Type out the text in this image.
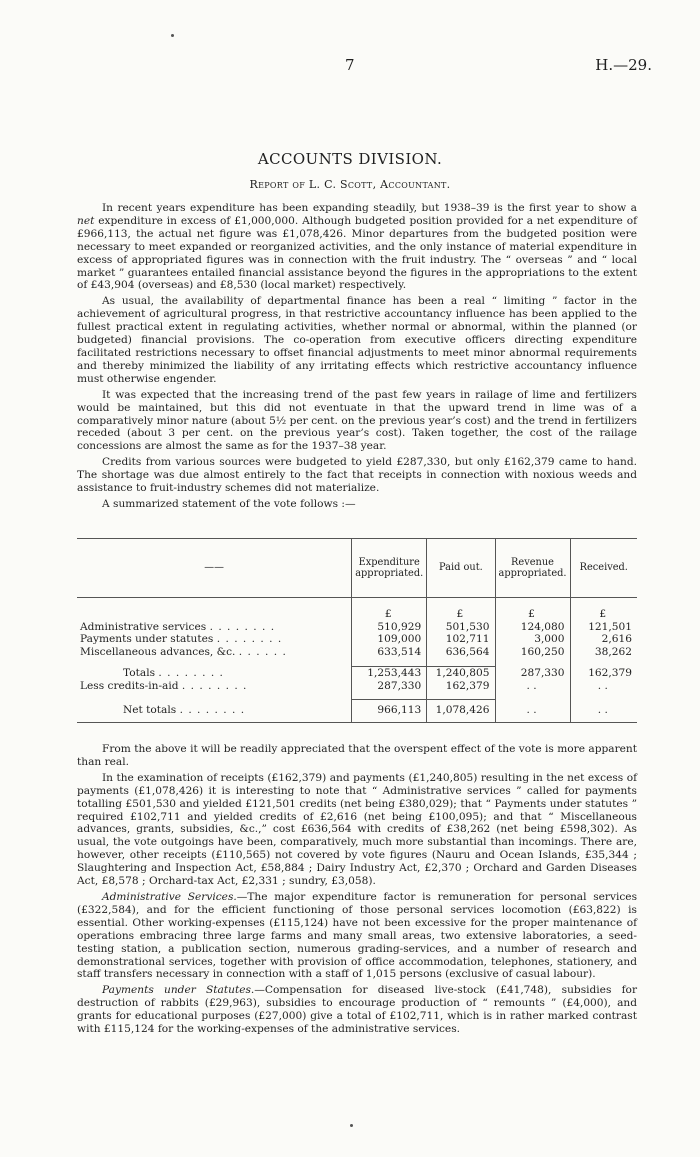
7	H.—29.
ACCOUNTS DIVISION.
Report of L. C. Scott, Accountant.

In recent years expenditure has been expanding steadily, but 1938–39 is the first year to show a net expenditure in excess of £1,000,000. Although budgeted position provided for a net expenditure of £966,113, the actual net figure was £1,078,426. Minor departures from the budgeted position were necessary to meet expanded or reorganized activities, and the only instance of material expenditure in excess of appropriated figures was in connection with the fruit industry. The “ overseas ” and “ local market ” guarantees entailed financial assistance beyond the figures in the appropriations to the extent of £43,904 (overseas) and £8,530 (local market) respectively.

As usual, the availability of departmental finance has been a real “ limiting ” factor in the achievement of agricultural progress, in that restrictive accountancy influence has been applied to the fullest practical extent in regulating activities, whether normal or abnormal, within the planned (or budgeted) financial provisions. The co-operation from executive officers directing expenditure facilitated restrictions necessary to offset financial adjustments to meet minor abnormal requirements and thereby minimized the liability of any irritating effects which restrictive accountancy influence must otherwise engender.

It was expected that the increasing trend of the past few years in railage of lime and fertilizers would be maintained, but this did not eventuate in that the upward trend in lime was of a comparatively minor nature (about 5½ per cent. on the previous year’s cost) and the trend in fertilizers receded (about 3 per cent. on the previous year’s cost). Taken together, the cost of the railage concessions are almost the same as for the 1937–38 year.

Credits from various sources were budgeted to yield £287,330, but only £162,379 came to hand. The shortage was due almost entirely to the fact that receipts in connection with noxious weeds and assistance to fruit-industry schemes did not materialize.

A summarized statement of the vote follows :—

——	Expenditure appropriated.	Paid out.	Revenue appropriated.	Received.
	£	£	£	£
Administrative services . . . . . . . .	510,929	501,530	124,080	121,501
Payments under statutes . . . . . . . .	109,000	102,711	3,000	2,616
Miscellaneous advances, &c. . . . . . .	633,514	636,564	160,250	38,262

Totals . . . . . . . .	1,253,443	1,240,805	287,330	162,379
Less credits-in-aid . . . . . . . .	287,330	162,379	. .	. .

Net totals . . . . . . . .	966,113	1,078,426	. .	. .

From the above it will be readily appreciated that the overspent effect of the vote is more apparent than real.

In the examination of receipts (£162,379) and payments (£1,240,805) resulting in the net excess of payments (£1,078,426) it is interesting to note that “ Administrative services ” called for payments totalling £501,530 and yielded £121,501 credits (net being £380,029); that “ Payments under statutes ” required £102,711 and yielded credits of £2,616 (net being £100,095); and that “ Miscellaneous advances, grants, subsidies, &c.,” cost £636,564 with credits of £38,262 (net being £598,302). As usual, the vote outgoings have been, comparatively, much more substantial than incomings. There are, however, other receipts (£110,565) not covered by vote figures (Nauru and Ocean Islands, £35,344 ; Slaughtering and Inspection Act, £58,884 ; Dairy Industry Act, £2,370 ; Orchard and Garden Diseases Act, £8,578 ; Orchard-tax Act, £2,331 ; sundry, £3,058).

Administrative Services.—The major expenditure factor is remuneration for personal services (£322,584), and for the efficient functioning of those personal services locomotion (£63,822) is essential. Other working-expenses (£115,124) have not been excessive for the proper maintenance of operations embracing three large farms and many small areas, two extensive laboratories, a seed-testing station, a publication section, numerous grading-services, and a number of research and demonstrational services, together with provision of office accommodation, telephones, stationery, and staff transfers necessary in connection with a staff of 1,015 persons (exclusive of casual labour).

Payments under Statutes.—Compensation for diseased live-stock (£41,748), subsidies for destruction of rabbits (£29,963), subsidies to encourage production of “ remounts ” (£4,000), and grants for educational purposes (£27,000) give a total of £102,711, which is in rather marked contrast with £115,124 for the working-expenses of the administrative services.
